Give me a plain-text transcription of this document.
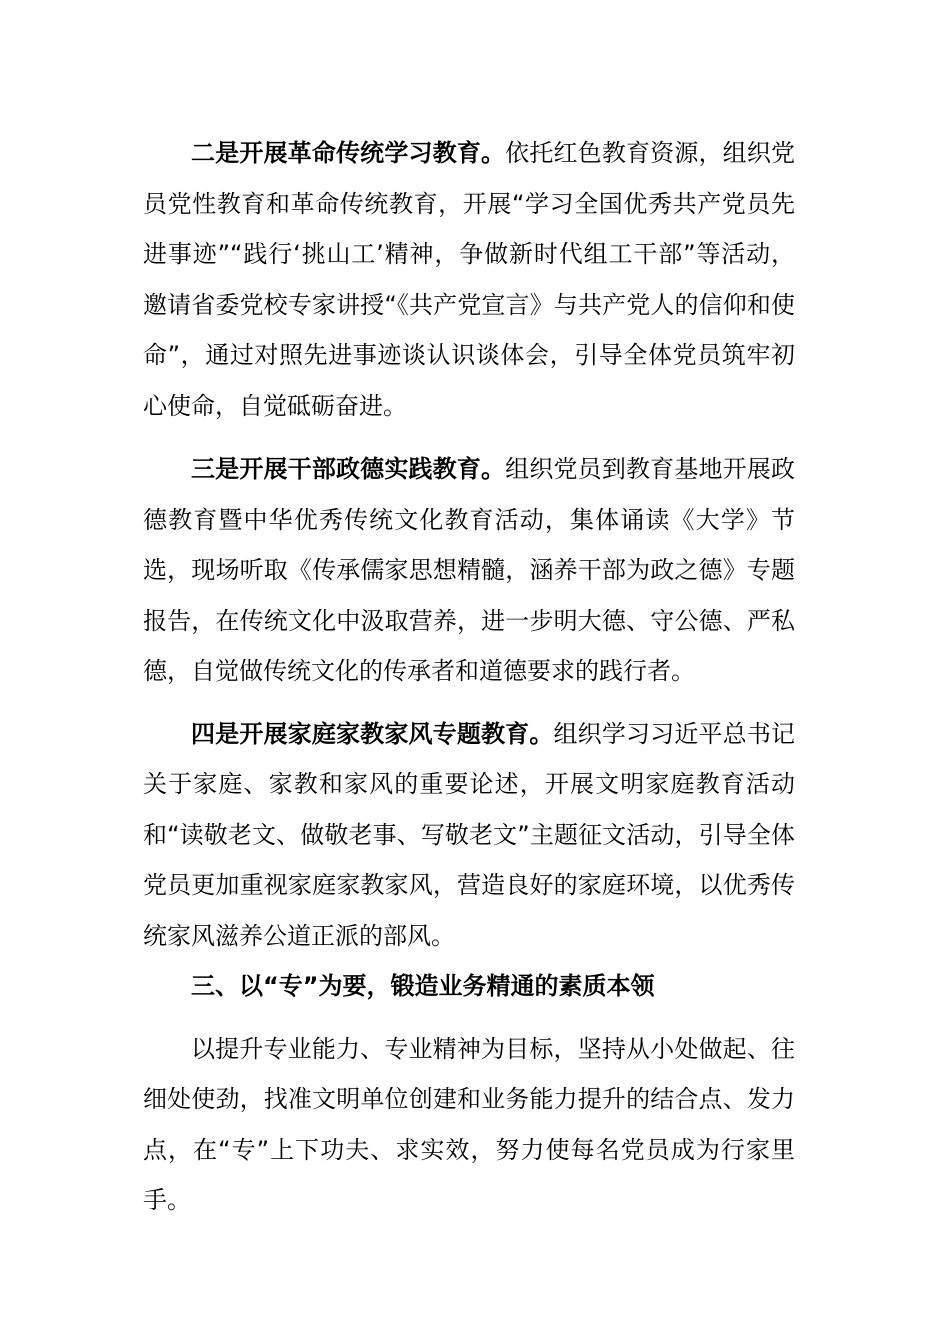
二是开展革命传统学习教育。依托红色教育资源，组织党员党性教育和革命传统教育，开展“学习全国优秀共产党员先进事迹”“践行‘挑山工’精神，争做新时代组工干部”等活动，邀请省委党校专家讲授“《共产党宣言》与共产党人的信仰和使命”，通过对照先进事迹谈认识谈体会，引导全体党员筑牢初心使命，自觉砥砺奋进。

三是开展干部政德实践教育。组织党员到教育基地开展政德教育暨中华优秀传统文化教育活动，集体诵读《大学》节选，现场听取《传承儒家思想精髓，涵养干部为政之德》专题报告，在传统文化中汲取营养，进一步明大德、守公德、严私德，自觉做传统文化的传承者和道德要求的践行者。

四是开展家庭家教家风专题教育。组织学习习近平总书记关于家庭、家教和家风的重要论述，开展文明家庭教育活动和“读敬老文、做敬老事、写敬老文”主题征文活动，引导全体党员更加重视家庭家教家风，营造良好的家庭环境，以优秀传统家风滋养公道正派的部风。

三、以“专”为要，锻造业务精通的素质本领

以提升专业能力、专业精神为目标，坚持从小处做起、往细处使劲，找准文明单位创建和业务能力提升的结合点、发力点，在“专”上下功夫、求实效，努力使每名党员成为行家里手。
